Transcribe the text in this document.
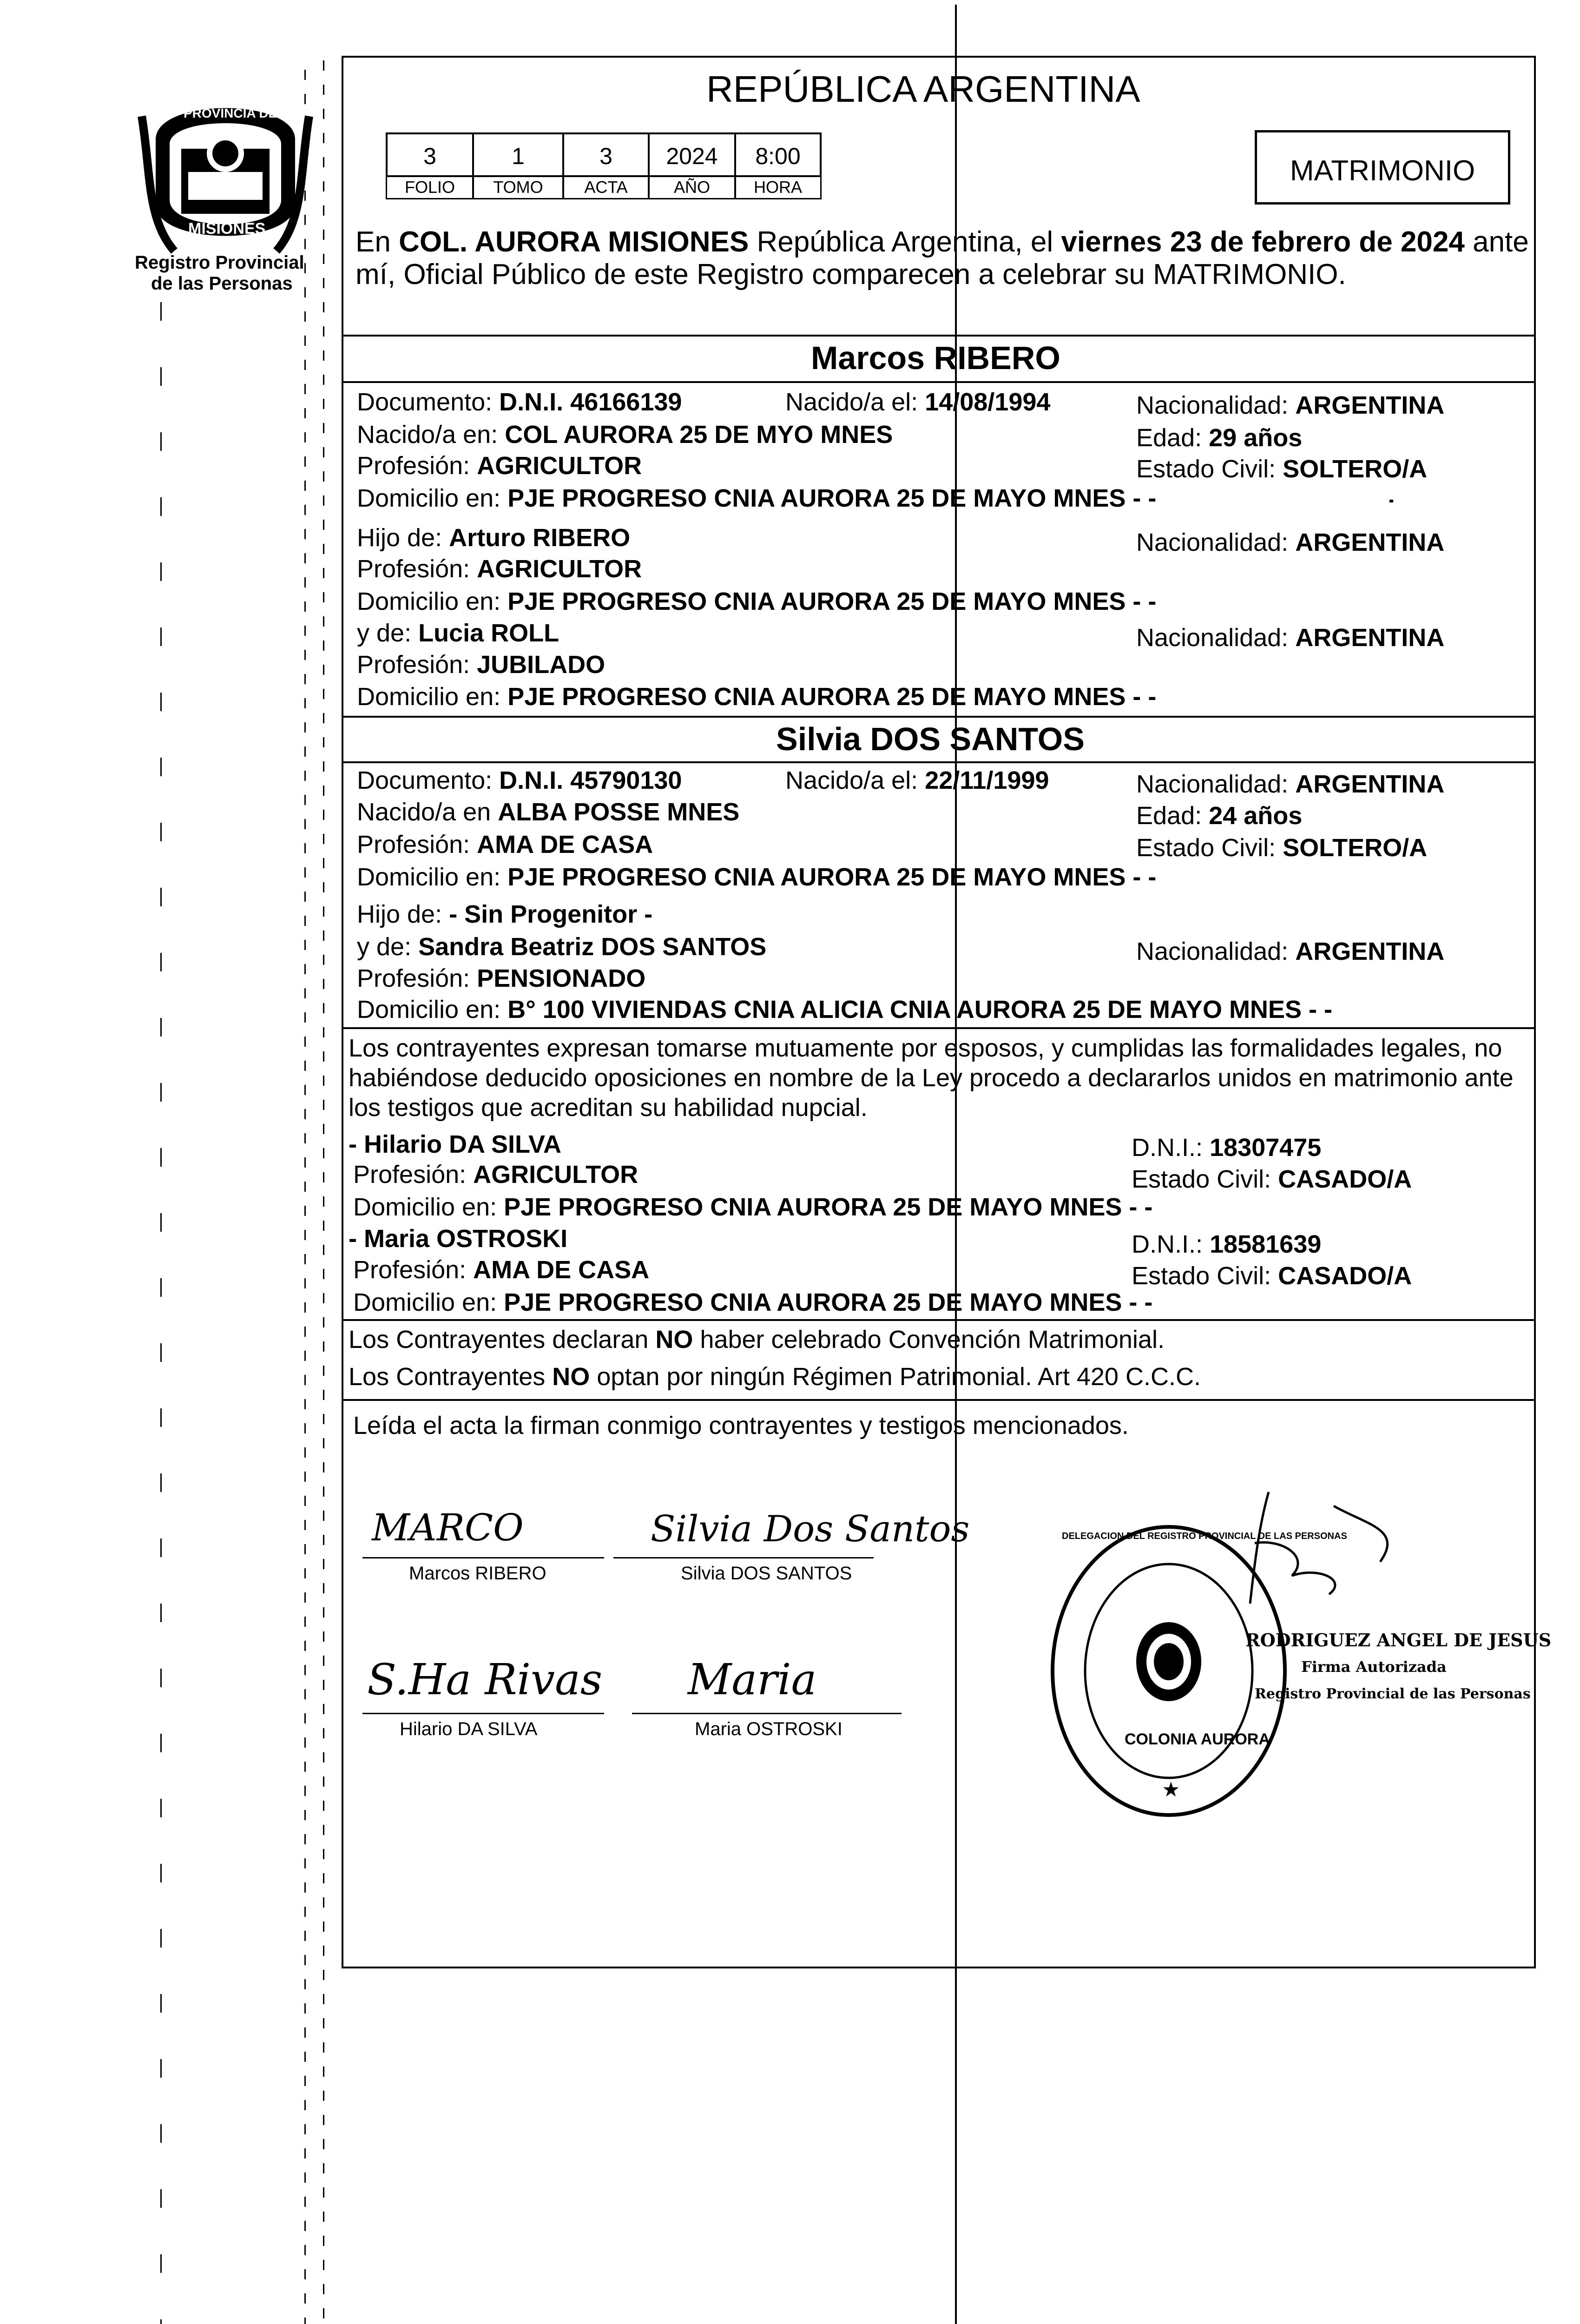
PROVINCIA DE
MISIONES
Registro Provincial
de las Personas
REPÚBLICA ARGENTINA
3	1	3	2024	8:00
FOLIO	TOMO	ACTA	AÑO	HORA
MATRIMONIO
En COL. AURORA MISIONES República Argentina, el viernes 23 de febrero de 2024 ante
mí, Oficial Público de este Registro comparecen a celebrar su MATRIMONIO.
Marcos RIBERO
Documento: D.N.I. 46166139	Nacido/a el: 14/08/1994	Nacionalidad: ARGENTINA
Nacido/a en: COL AURORA 25 DE MYO MNES	Edad: 29 años
Profesión: AGRICULTOR	Estado Civil: SOLTERO/A
Domicilio en: PJE PROGRESO CNIA AURORA 25 DE MAYO MNES - -
Hijo de: Arturo RIBERO	Nacionalidad: ARGENTINA
Profesión: AGRICULTOR
Domicilio en: PJE PROGRESO CNIA AURORA 25 DE MAYO MNES - -
y de: Lucia ROLL	Nacionalidad: ARGENTINA
Profesión: JUBILADO
Domicilio en: PJE PROGRESO CNIA AURORA 25 DE MAYO MNES - -
Silvia DOS SANTOS
Documento: D.N.I. 45790130	Nacido/a el: 22/11/1999	Nacionalidad: ARGENTINA
Nacido/a en ALBA POSSE MNES	Edad: 24 años
Profesión: AMA DE CASA	Estado Civil: SOLTERO/A
Domicilio en: PJE PROGRESO CNIA AURORA 25 DE MAYO MNES - -
Hijo de: - Sin Progenitor -
y de: Sandra Beatriz DOS SANTOS	Nacionalidad: ARGENTINA
Profesión: PENSIONADO
Domicilio en: B° 100 VIVIENDAS CNIA ALICIA CNIA AURORA 25 DE MAYO MNES - -
Los contrayentes expresan tomarse mutuamente por esposos, y cumplidas las formalidades legales, no
habiéndose deducido oposiciones en nombre de la Ley procedo a declararlos unidos en matrimonio ante
los testigos que acreditan su habilidad nupcial.
- Hilario DA SILVA	D.N.I.: 18307475
Profesión: AGRICULTOR	Estado Civil: CASADO/A
Domicilio en: PJE PROGRESO CNIA AURORA 25 DE MAYO MNES - -
- Maria OSTROSKI	D.N.I.: 18581639
Profesión: AMA DE CASA	Estado Civil: CASADO/A
Domicilio en: PJE PROGRESO CNIA AURORA 25 DE MAYO MNES - -
Los Contrayentes declaran NO haber celebrado Convención Matrimonial.
Los Contrayentes NO optan por ningún Régimen Patrimonial. Art 420 C.C.C.
Leída el acta la firman conmigo contrayentes y testigos mencionados.
MARCO
Marcos RIBERO
Silvia Dos Santos
Silvia DOS SANTOS
S.Ha Rivas Maria
Hilario DA SILVA	Maria OSTROSKI
★
COLONIA AURORA
DELEGACION DEL REGISTRO PROVINCIAL DE LAS PERSONAS
RODRIGUEZ ANGEL DE JESUS
Firma Autorizada
Registro Provincial de las Personas
